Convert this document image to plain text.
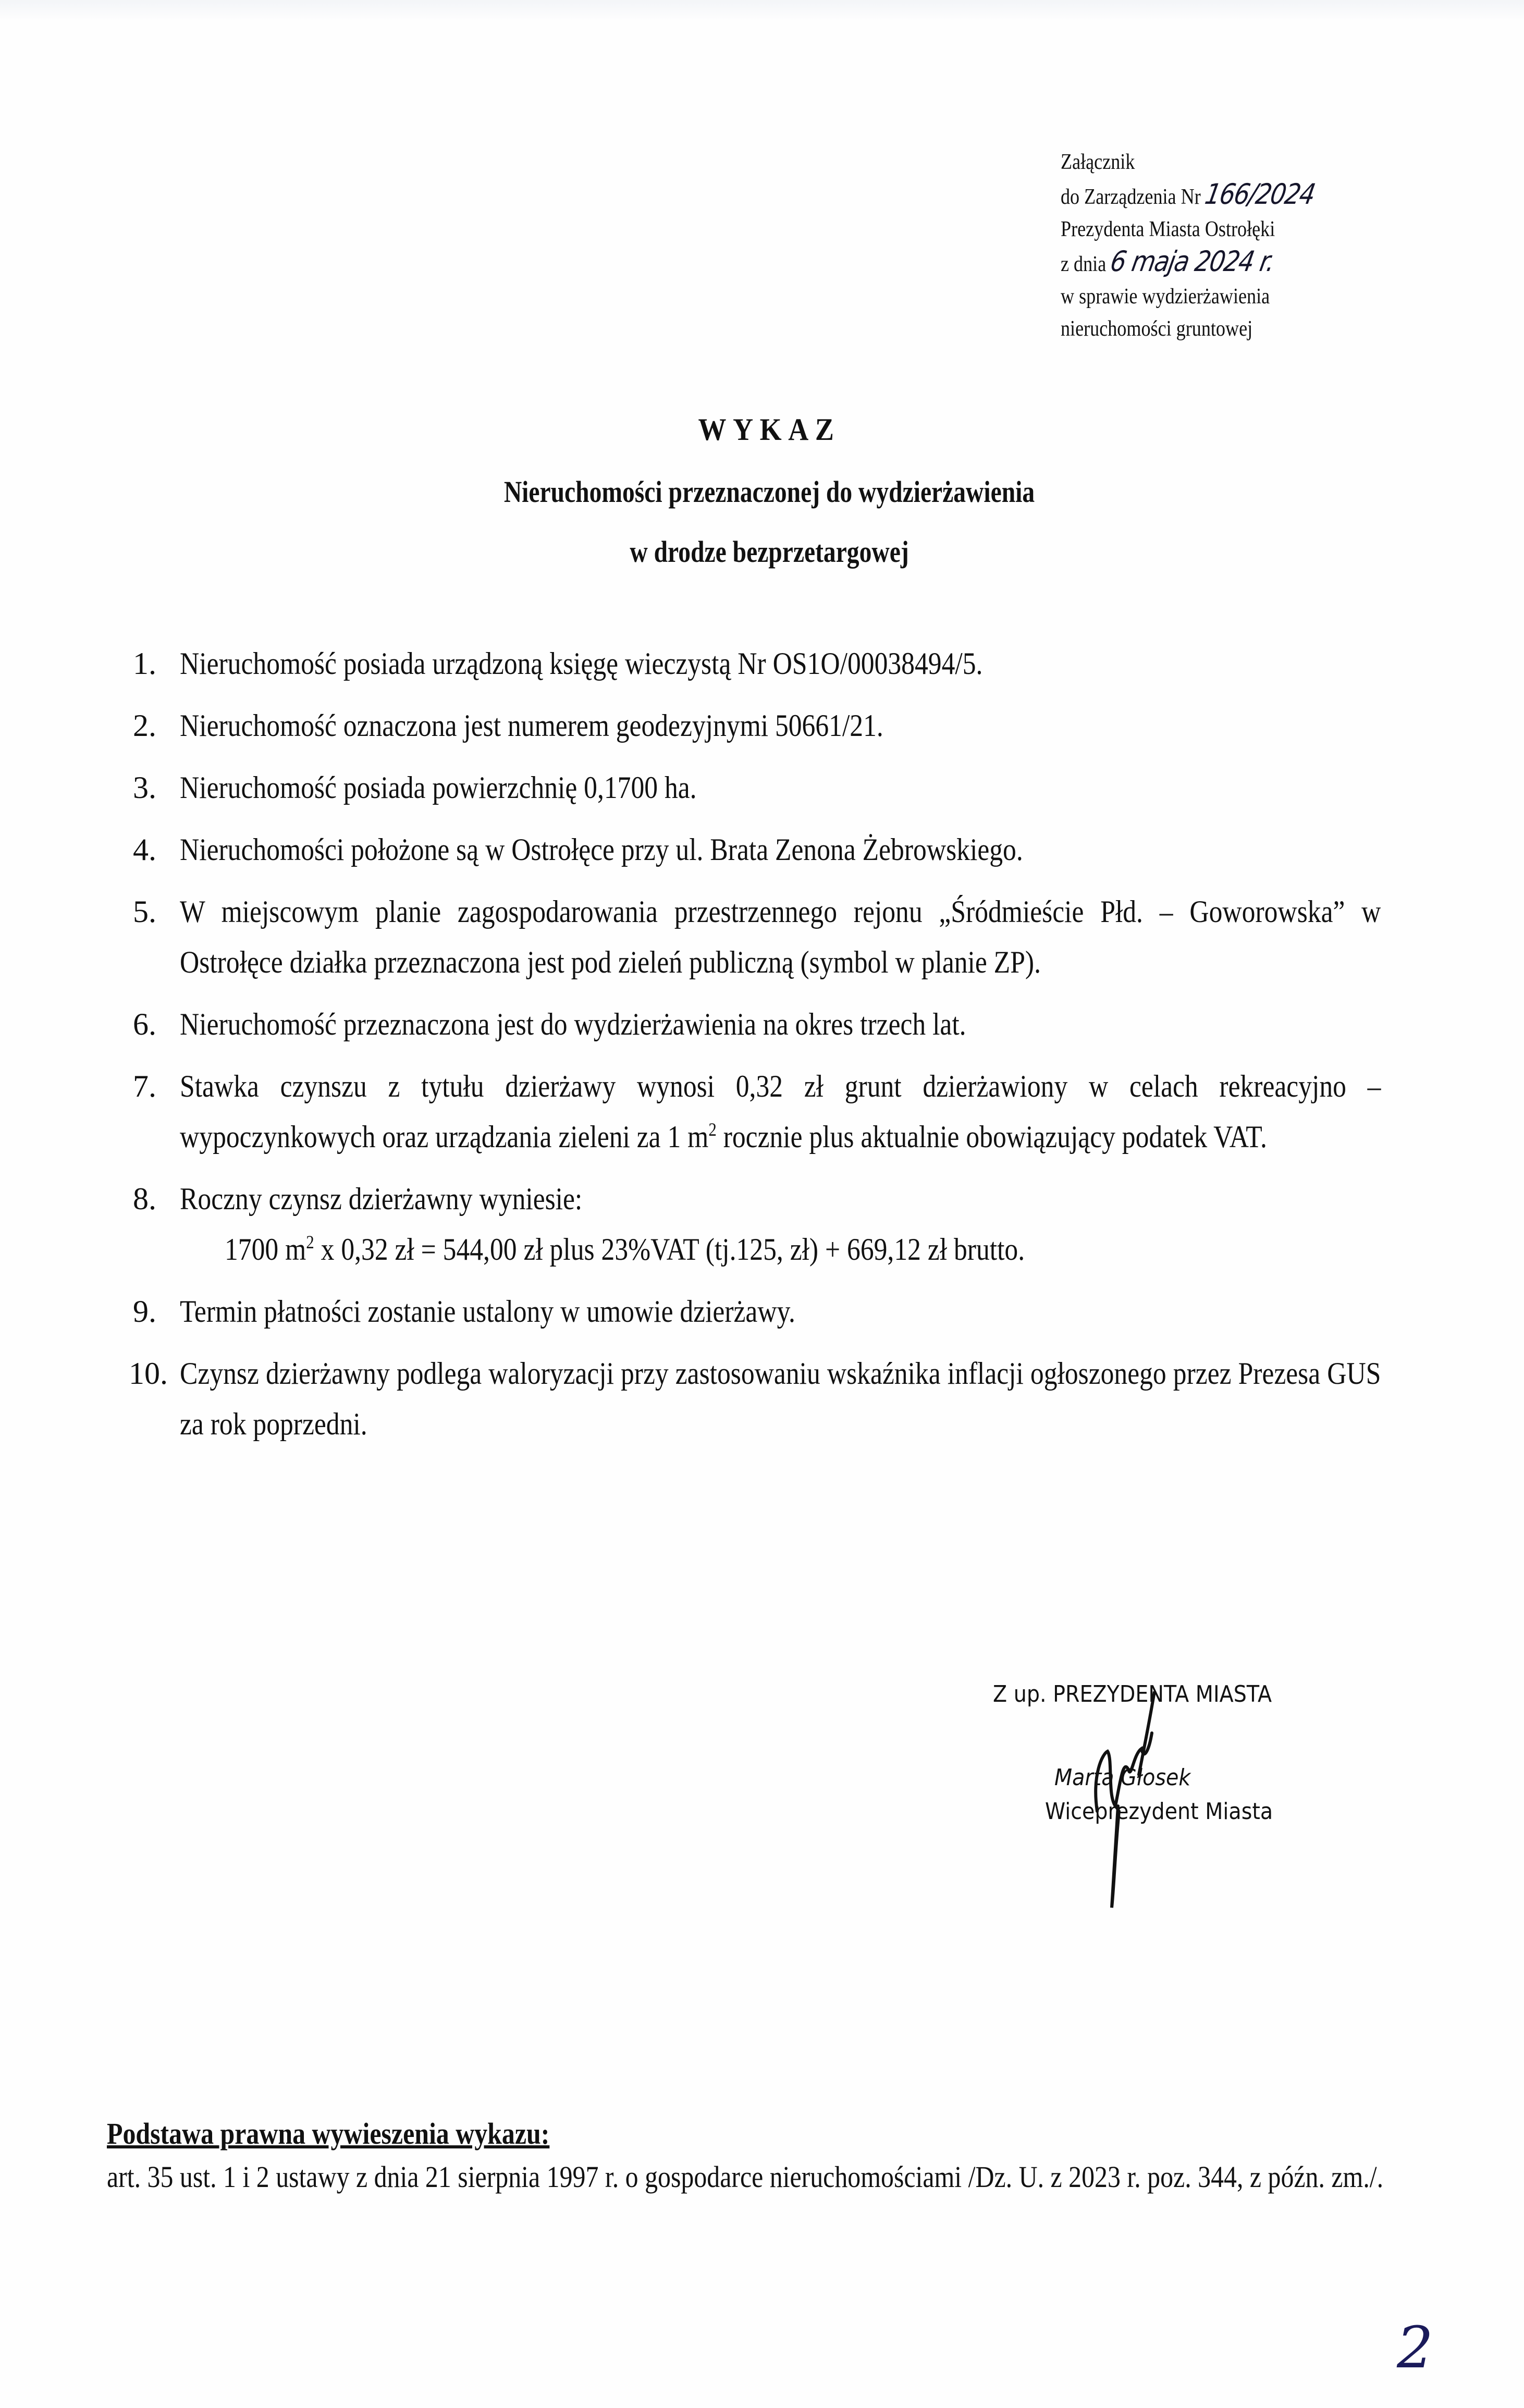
Załącznik
do Zarządzenia Nr 166/2024
Prezydenta Miasta Ostrołęki
z dnia 6 maja 2024 r.
w sprawie wydzierżawienia
nieruchomości gruntowej
WYKAZ
Nieruchomości przeznaczonej do wydzierżawienia
w drodze bezprzetargowej
1. Nieruchomość posiada urządzoną księgę wieczystą Nr OS1O/00038494/5.
2. Nieruchomość oznaczona jest numerem geodezyjnymi 50661/21.
3. Nieruchomość posiada powierzchnię 0,1700 ha.
4. Nieruchomości położone są w Ostrołęce przy ul. Brata Zenona Żebrowskiego.
5. W miejscowym planie zagospodarowania przestrzennego rejonu „Śródmieście Płd. – Goworowska” w Ostrołęce działka przeznaczona jest pod zieleń publiczną (symbol w planie ZP).
6. Nieruchomość przeznaczona jest do wydzierżawienia na okres trzech lat.
7. Stawka czynszu z tytułu dzierżawy wynosi 0,32 zł grunt dzierżawiony w celach rekreacyjno – wypoczynkowych oraz urządzania zieleni za 1 $m^2$ rocznie plus aktualnie obowiązujący podatek VAT.
8. Roczny czynsz dzierżawny wyniesie:
1700 $m^2$ x 0,32 zł = 544,00 zł plus 23%VAT (tj.125, zł) + 669,12 zł brutto.
9. Termin płatności zostanie ustalony w umowie dzierżawy.
10. Czynsz dzierżawny podlega waloryzacji przy zastosowaniu wskaźnika inflacji ogłoszonego przez Prezesa GUS za rok poprzedni.
Z up. PREZYDENTA MIASTA
Marta Głosek
Wiceprezydent Miasta
Podstawa prawna wywieszenia wykazu:
art. 35 ust. 1 i 2 ustawy z dnia 21 sierpnia 1997 r. o gospodarce nieruchomościami /Dz. U. z 2023 r. poz. 344, z późn. zm./.
2
